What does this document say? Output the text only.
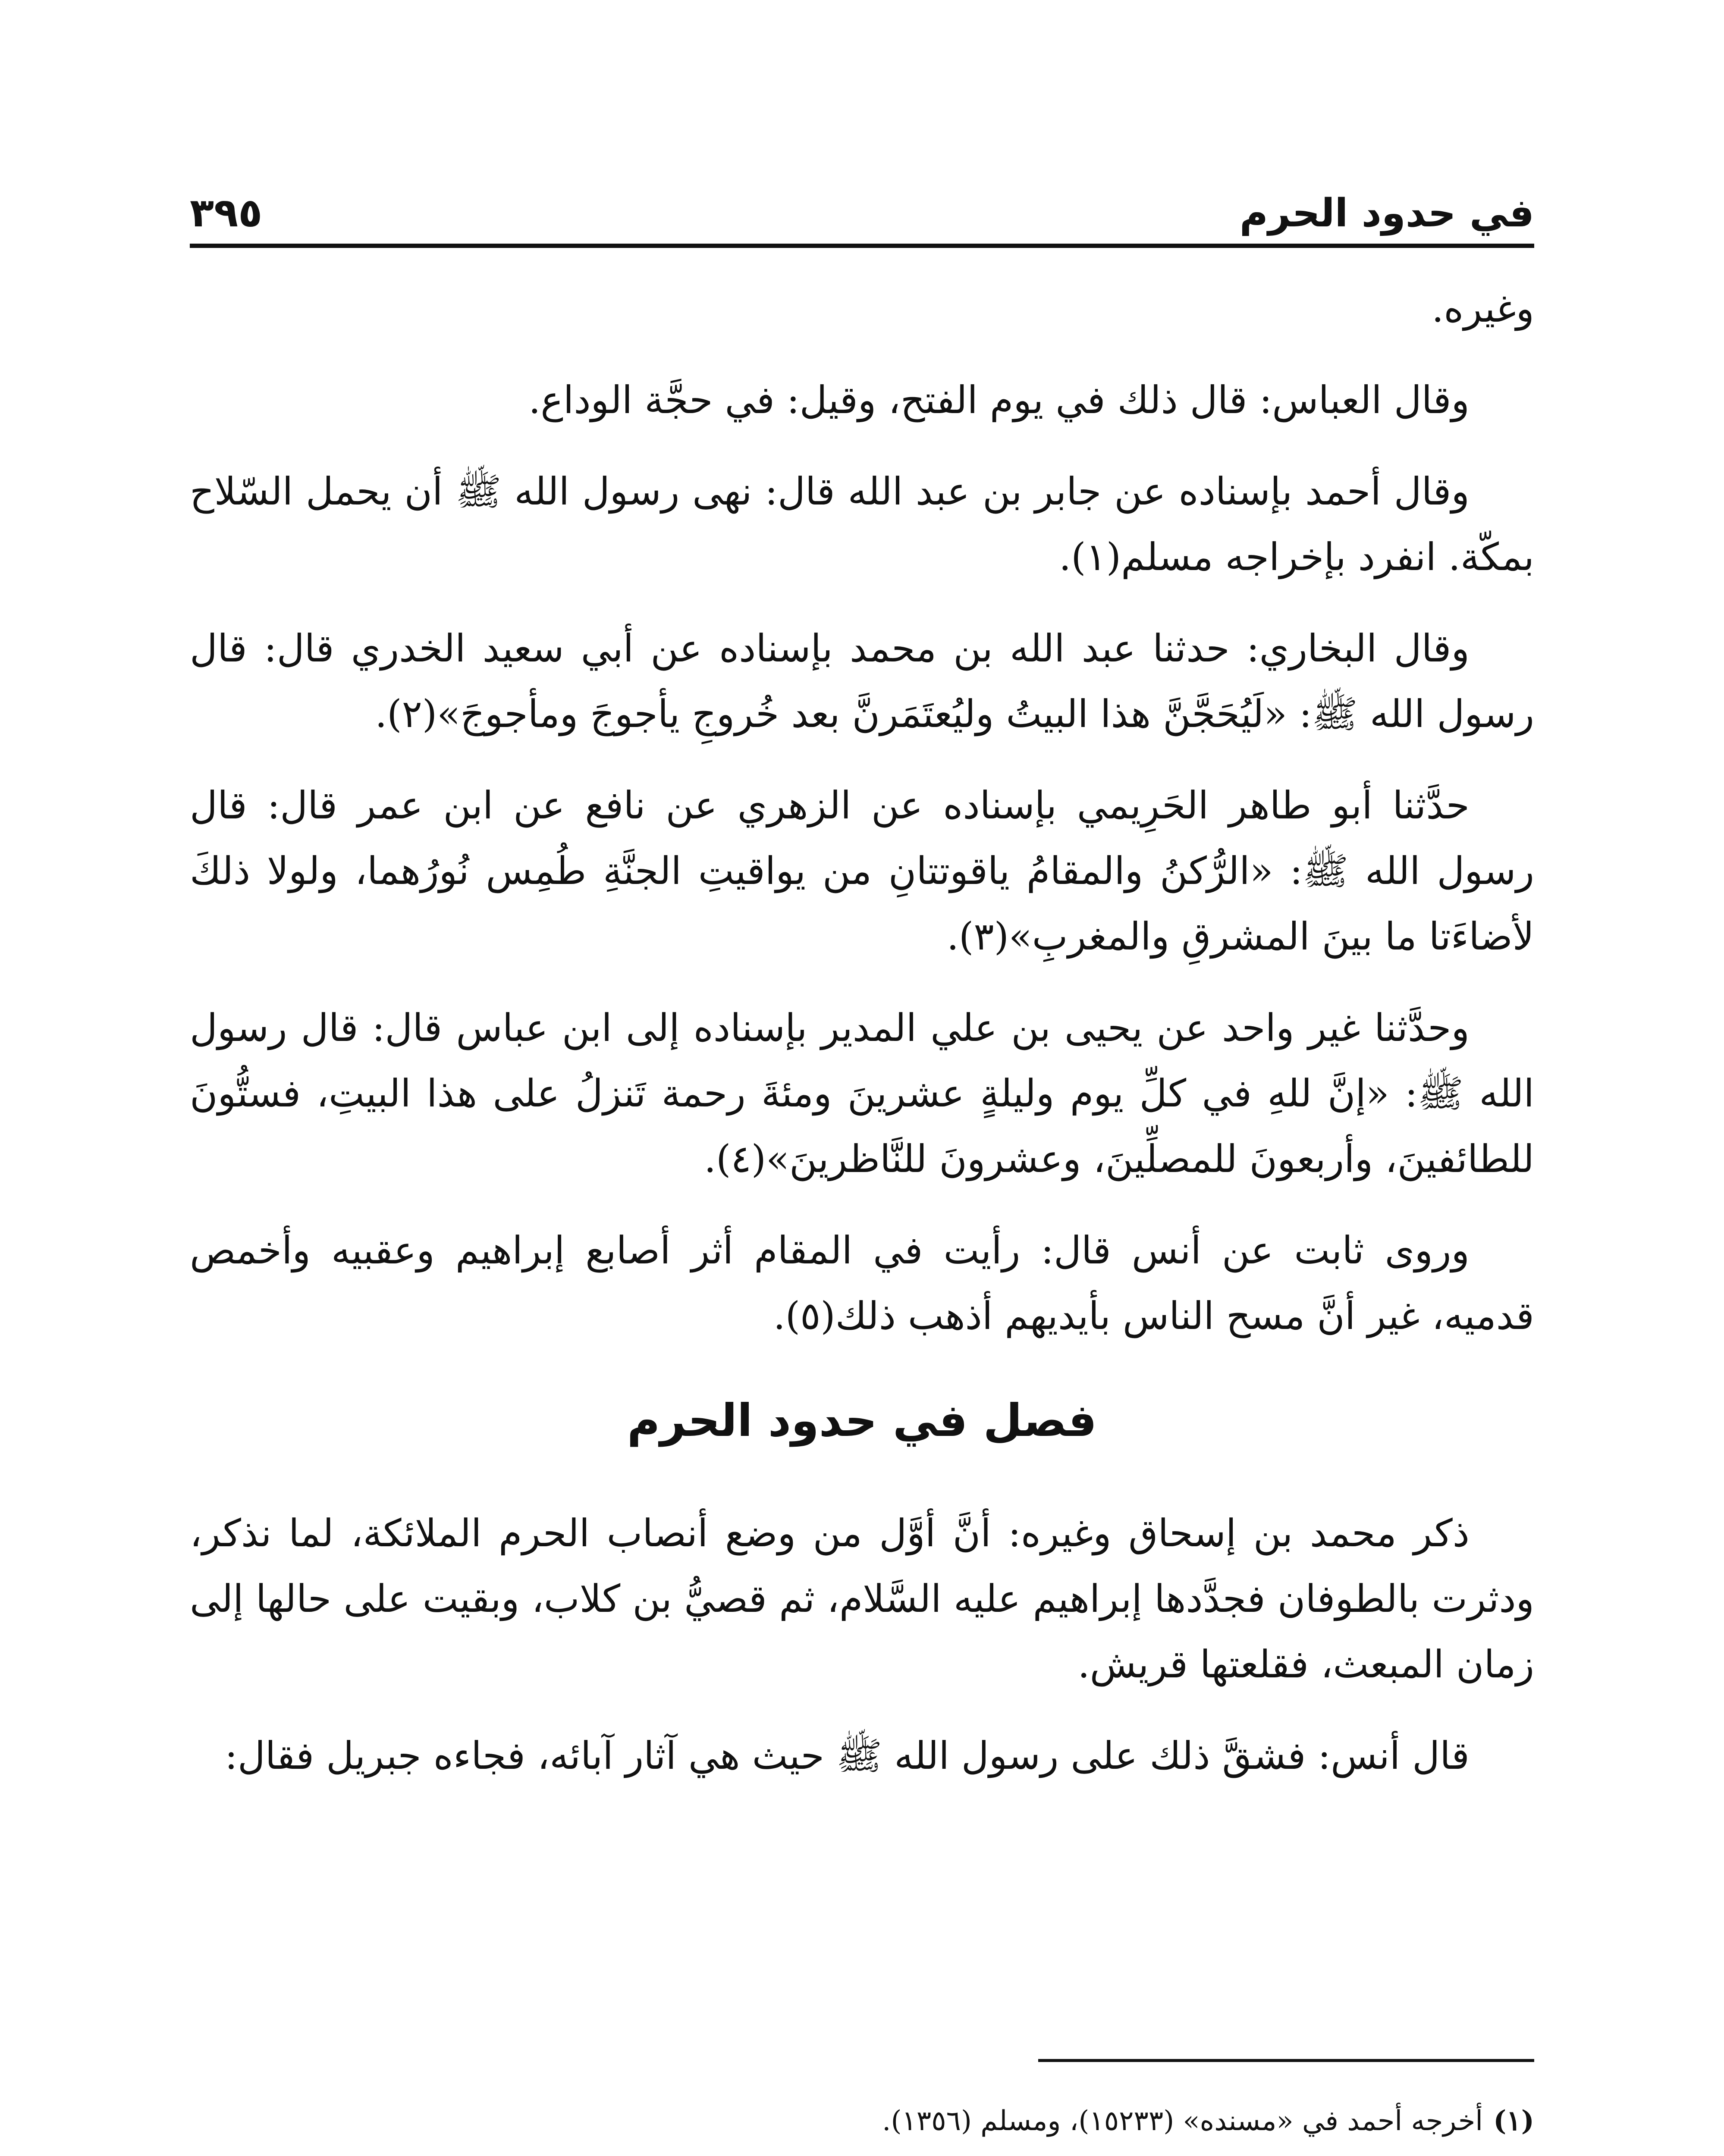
في حدود الحرم
٣٩٥

وغيره.

وقال العباس: قال ذلك في يوم الفتح، وقيل: في حجَّة الوداع.

وقال أحمد بإسناده عن جابر بن عبد الله قال: نهى رسول الله ﷺ أن يحمل السّلاح بمكّة. انفرد بإخراجه مسلم(١).

وقال البخاري: حدثنا عبد الله بن محمد بإسناده عن أبي سعيد الخدري قال: قال رسول الله ﷺ: «لَيُحَجَّنَّ هذا البيتُ وليُعتَمَرنَّ بعد خُروجِ يأجوجَ ومأجوجَ»(٢).

حدَّثنا أبو طاهر الحَرِيمي بإسناده عن الزهري عن نافع عن ابن عمر قال: قال رسول الله ﷺ: «الرُّكنُ والمقامُ ياقوتتانِ من يواقيتِ الجنَّةِ طُمِس نُورُهما، ولولا ذلكَ لأضاءَتا ما بينَ المشرقِ والمغربِ»(٣).

وحدَّثنا غير واحد عن يحيى بن علي المدير بإسناده إلى ابن عباس قال: قال رسول الله ﷺ: «إنَّ للهِ في كلِّ يوم وليلةٍ عشرينَ ومئةَ رحمة تَنزلُ على هذا البيتِ، فستُّونَ للطائفينَ، وأربعونَ للمصلِّينَ، وعشرونَ للنَّاظرينَ»(٤).

وروى ثابت عن أنس قال: رأيت في المقام أثر أصابع إبراهيم وعقبيه وأخمص قدميه، غير أنَّ مسح الناس بأيديهم أذهب ذلك(٥).

فصل في حدود الحرم

ذكر محمد بن إسحاق وغيره: أنَّ أوَّل من وضع أنصاب الحرم الملائكة، لما نذكر، ودثرت بالطوفان فجدَّدها إبراهيم عليه السَّلام، ثم قصيُّ بن كلاب، وبقيت على حالها إلى زمان المبعث، فقلعتها قريش.

قال أنس: فشقَّ ذلك على رسول الله ﷺ حيث هي آثار آبائه، فجاءه جبريل فقال:

(١)
أخرجه أحمد في «مسنده» (١٥٢٣٣)، ومسلم (١٣٥٦).
